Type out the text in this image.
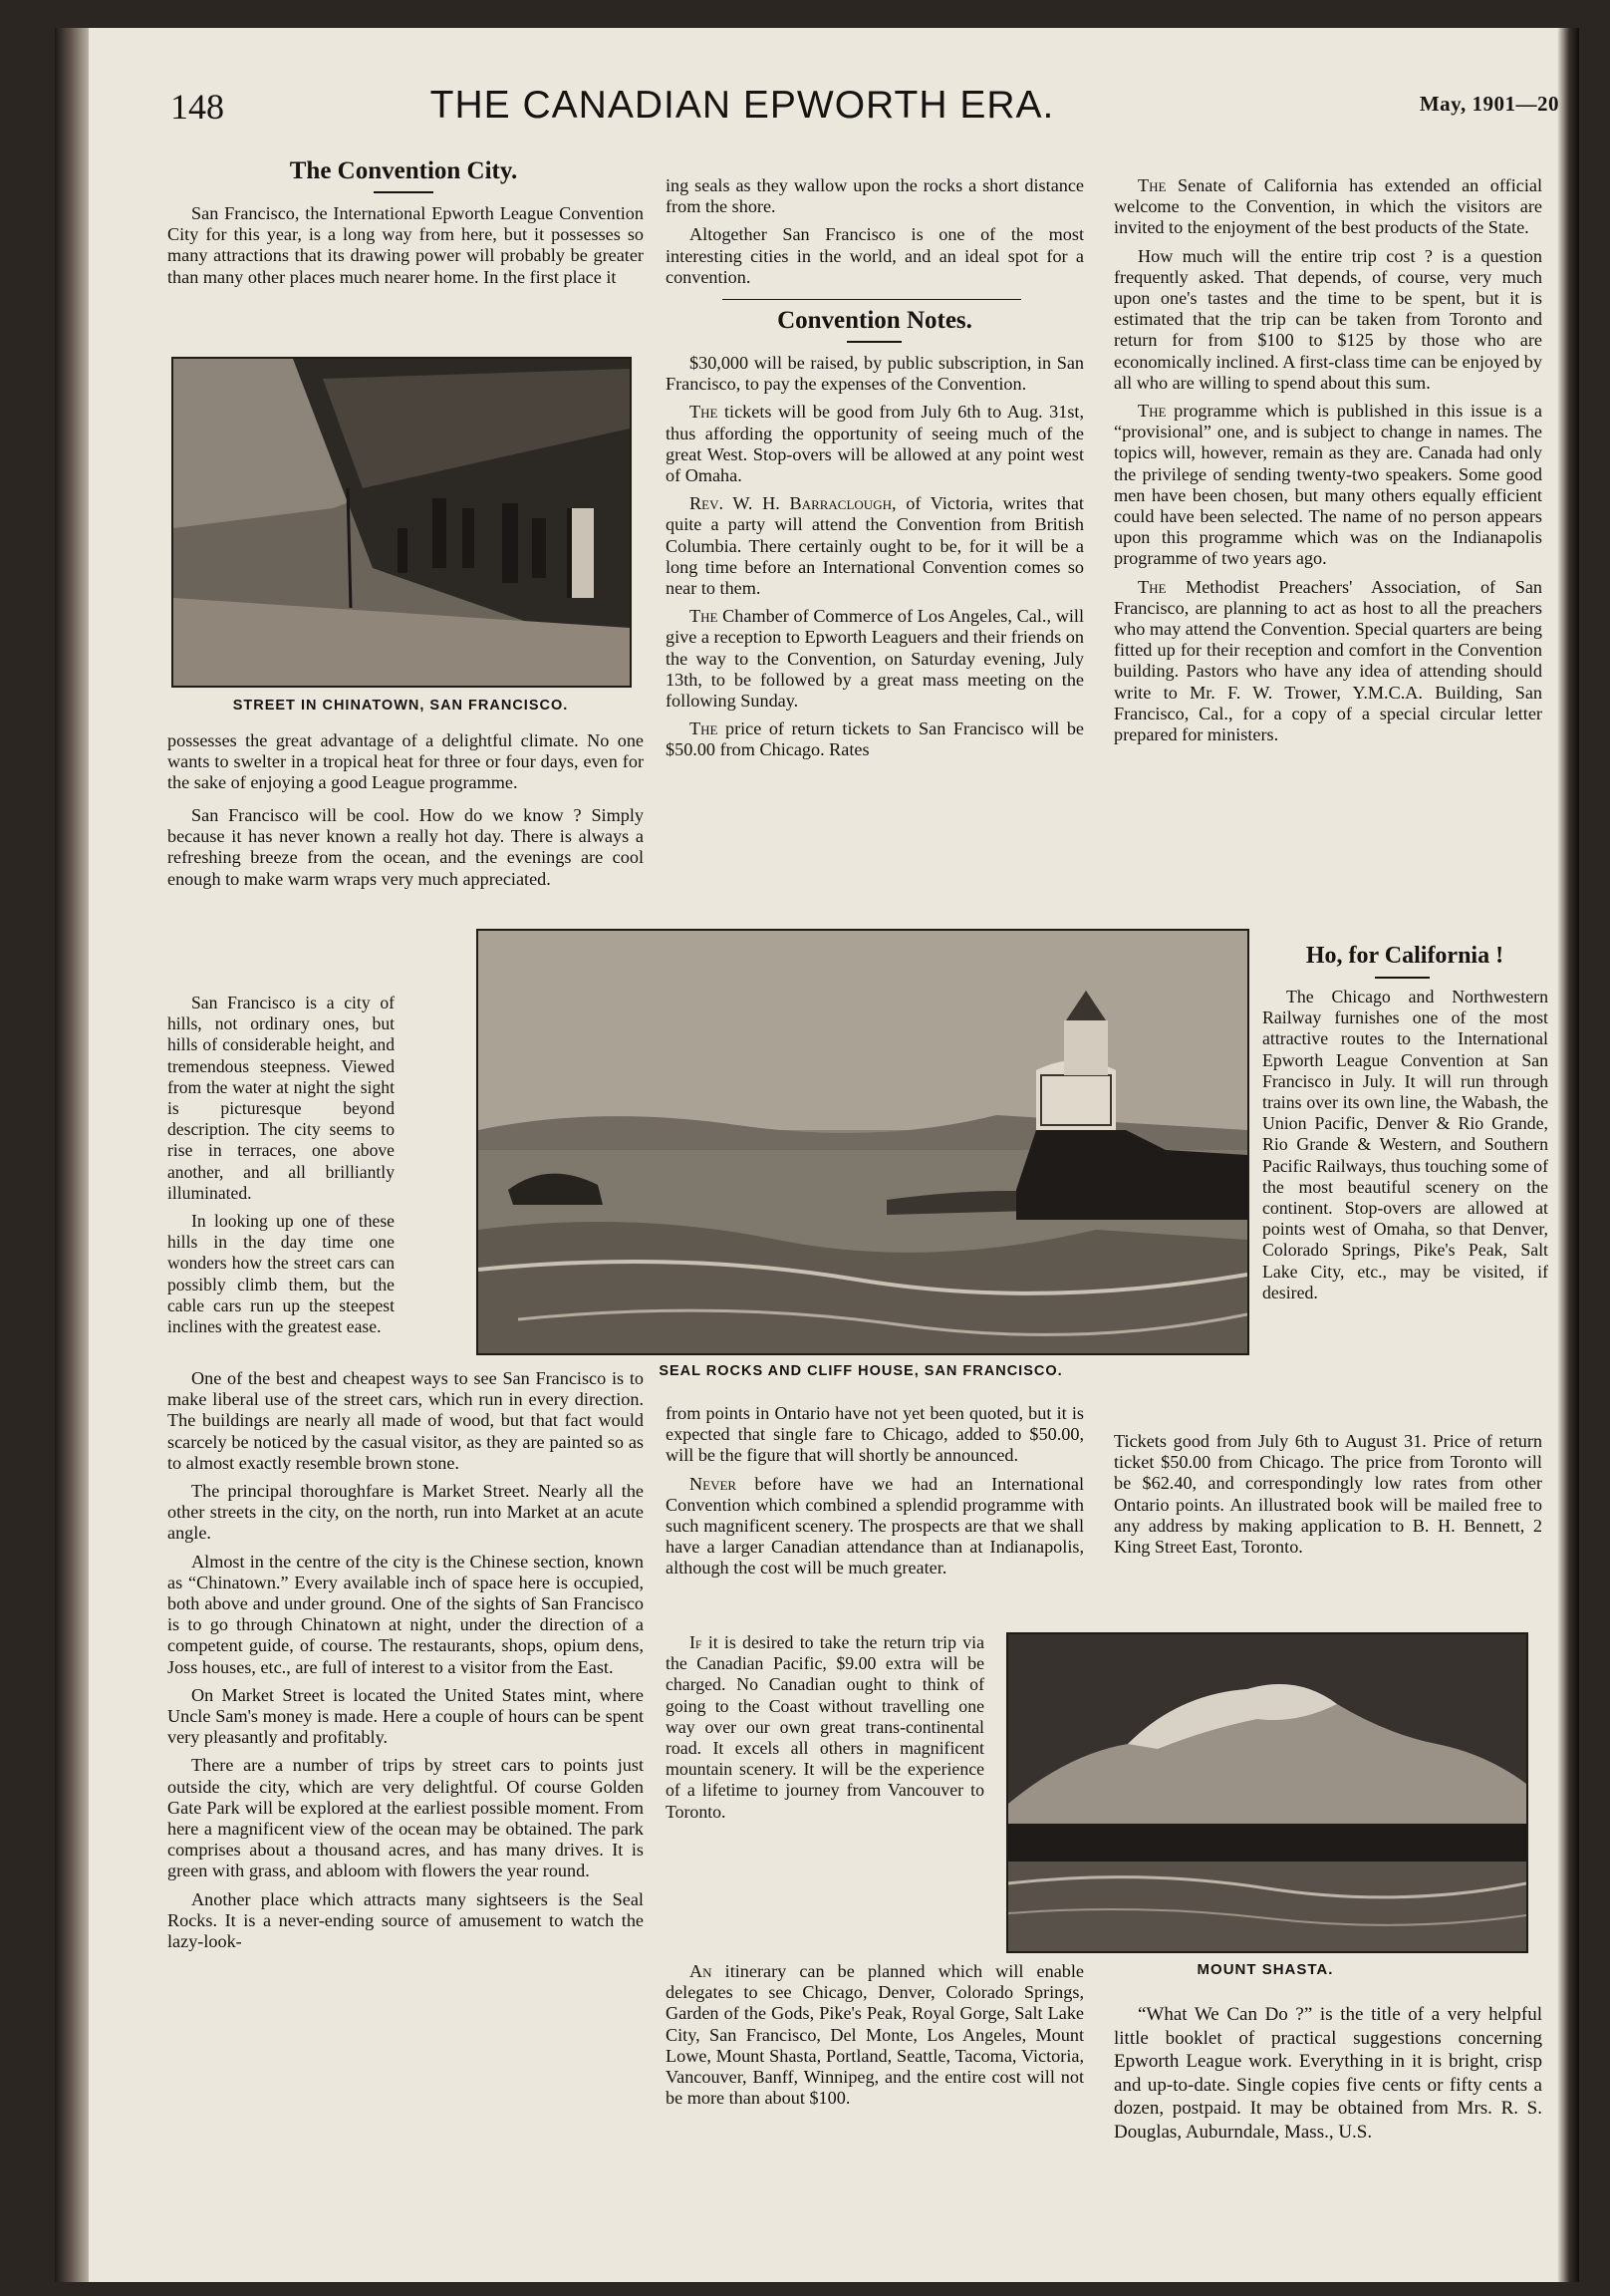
148	THE CANADIAN EPWORTH ERA.	May, 1901—20
The Convention City.

San Francisco, the International Epworth League Convention City for this year, is a long way from here, but it possesses so many attractions that its drawing power will probably be greater than many other places much nearer home. In the first place it

STREET IN CHINATOWN, SAN FRANCISCO.

possesses the great advantage of a delightful climate. No one wants to swelter in a tropical heat for three or four days, even for the sake of enjoying a good League programme.

San Francisco will be cool. How do we know ? Simply because it has never known a really hot day. There is always a refreshing breeze from the ocean, and the evenings are cool enough to make warm wraps very much appreciated.

San Francisco is a city of hills, not ordinary ones, but hills of considerable height, and tremendous steepness. Viewed from the water at night the sight is picturesque beyond description. The city seems to rise in terraces, one above another, and all brilliantly illuminated.

In looking up one of these hills in the day time one wonders how the street cars can possibly climb them, but the cable cars run up the steepest inclines with the greatest ease.

One of the best and cheapest ways to see San Francisco is to make liberal use of the street cars, which run in every direction. The buildings are nearly all made of wood, but that fact would scarcely be noticed by the casual visitor, as they are painted so as to almost exactly resemble brown stone.

The principal thoroughfare is Market Street. Nearly all the other streets in the city, on the north, run into Market at an acute angle.

Almost in the centre of the city is the Chinese section, known as “Chinatown.” Every available inch of space here is occupied, both above and under ground. One of the sights of San Francisco is to go through Chinatown at night, under the direction of a competent guide, of course. The restaurants, shops, opium dens, Joss houses, etc., are full of interest to a visitor from the East.

On Market Street is located the United States mint, where Uncle Sam's money is made. Here a couple of hours can be spent very pleasantly and profitably.

There are a number of trips by street cars to points just outside the city, which are very delightful. Of course Golden Gate Park will be explored at the earliest possible moment. From here a magnificent view of the ocean may be obtained. The park comprises about a thousand acres, and has many drives. It is green with grass, and abloom with flowers the year round.

Another place which attracts many sightseers is the Seal Rocks. It is a never-ending source of amusement to watch the lazy-look-

ing seals as they wallow upon the rocks a short distance from the shore.

Altogether San Francisco is one of the most interesting cities in the world, and an ideal spot for a convention.

Convention Notes.

$30,000 will be raised, by public subscription, in San Francisco, to pay the expenses of the Convention.

The tickets will be good from July 6th to Aug. 31st, thus affording the opportunity of seeing much of the great West. Stop-overs will be allowed at any point west of Omaha.

Rev. W. H. Barraclough, of Victoria, writes that quite a party will attend the Convention from British Columbia. There certainly ought to be, for it will be a long time before an International Convention comes so near to them.

The Chamber of Commerce of Los Angeles, Cal., will give a reception to Epworth Leaguers and their friends on the way to the Convention, on Saturday evening, July 13th, to be followed by a great mass meeting on the following Sunday.

The price of return tickets to San Francisco will be $50.00 from Chicago. Rates

The Senate of California has extended an official welcome to the Convention, in which the visitors are invited to the enjoyment of the best products of the State.

How much will the entire trip cost ? is a question frequently asked. That depends, of course, very much upon one's tastes and the time to be spent, but it is estimated that the trip can be taken from Toronto and return for from $100 to $125 by those who are economically inclined. A first-class time can be enjoyed by all who are willing to spend about this sum.

The programme which is published in this issue is a “provisional” one, and is subject to change in names. The topics will, however, remain as they are. Canada had only the privilege of sending twenty-two speakers. Some good men have been chosen, but many others equally efficient could have been selected. The name of no person appears upon this programme which was on the Indianapolis programme of two years ago.

The Methodist Preachers' Association, of San Francisco, are planning to act as host to all the preachers who may attend the Convention. Special quarters are being fitted up for their reception and comfort in the Convention building. Pastors who have any idea of attending should write to Mr. F. W. Trower, Y.M.C.A. Building, San Francisco, Cal., for a copy of a special circular letter prepared for ministers.

SEAL ROCKS AND CLIFF HOUSE, SAN FRANCISCO.
Ho, for California !

The Chicago and Northwestern Railway furnishes one of the most attractive routes to the International Epworth League Convention at San Francisco in July. It will run through trains over its own line, the Wabash, the Union Pacific, Denver & Rio Grande, Rio Grande & Western, and Southern Pacific Railways, thus touching some of the most beautiful scenery on the continent. Stop-overs are allowed at points west of Omaha, so that Denver, Colorado Springs, Pike's Peak, Salt Lake City, etc., may be visited, if desired.

from points in Ontario have not yet been quoted, but it is expected that single fare to Chicago, added to $50.00, will be the figure that will shortly be announced.

Never before have we had an International Convention which combined a splendid programme with such magnificent scenery. The prospects are that we shall have a larger Canadian attendance than at Indianapolis, although the cost will be much greater.

If it is desired to take the return trip via the Canadian Pacific, $9.00 extra will be charged. No Canadian ought to think of going to the Coast without travelling one way over our own great trans-continental road. It excels all others in magnificent mountain scenery. It will be the experience of a lifetime to journey from Vancouver to Toronto.

An itinerary can be planned which will enable delegates to see Chicago, Denver, Colorado Springs, Garden of the Gods, Pike's Peak, Royal Gorge, Salt Lake City, San Francisco, Del Monte, Los Angeles, Mount Lowe, Mount Shasta, Portland, Seattle, Tacoma, Victoria, Vancouver, Banff, Winnipeg, and the entire cost will not be more than about $100.

Tickets good from July 6th to August 31. Price of return ticket $50.00 from Chicago. The price from Toronto will be $62.40, and correspondingly low rates from other Ontario points. An illustrated book will be mailed free to any address by making application to B. H. Bennett, 2 King Street East, Toronto.

MOUNT SHASTA.

“What We Can Do ?” is the title of a very helpful little booklet of practical suggestions concerning Epworth League work. Everything in it is bright, crisp and up-to-date. Single copies five cents or fifty cents a dozen, postpaid. It may be obtained from Mrs. R. S. Douglas, Auburndale, Mass., U.S.
